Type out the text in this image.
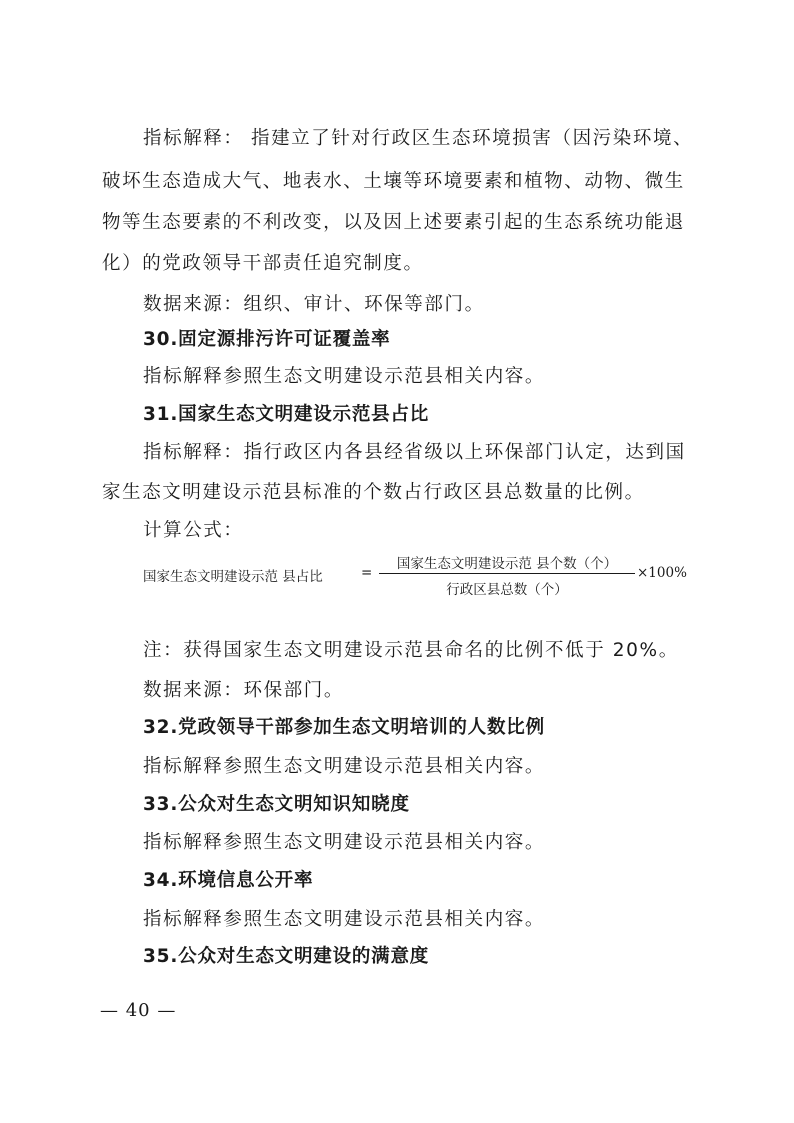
指标解释： 指建立了针对行政区生态环境损害（因污染环境、
破坏生态造成大气、地表水、土壤等环境要素和植物、动物、微生
物等生态要素的不利改变，以及因上述要素引起的生态系统功能退
化）的党政领导干部责任追究制度。
数据来源：组织、审计、环保等部门。
30.固定源排污许可证覆盖率
指标解释参照生态文明建设示范县相关内容。
31.国家生态文明建设示范县占比
指标解释：指行政区内各县经省级以上环保部门认定，达到国
家生态文明建设示范县标准的个数占行政区县总数量的比例。
计算公式：
国家生态文明建设示范 县占比	=
国家生态文明建设示范 县个数（个）
行政区县总数（个）
×100%
注：获得国家生态文明建设示范县命名的比例不低于 20%。
数据来源：环保部门。
32.党政领导干部参加生态文明培训的人数比例
指标解释参照生态文明建设示范县相关内容。
33.公众对生态文明知识知晓度
指标解释参照生态文明建设示范县相关内容。
34.环境信息公开率
指标解释参照生态文明建设示范县相关内容。
35.公众对生态文明建设的满意度
— 40 —
